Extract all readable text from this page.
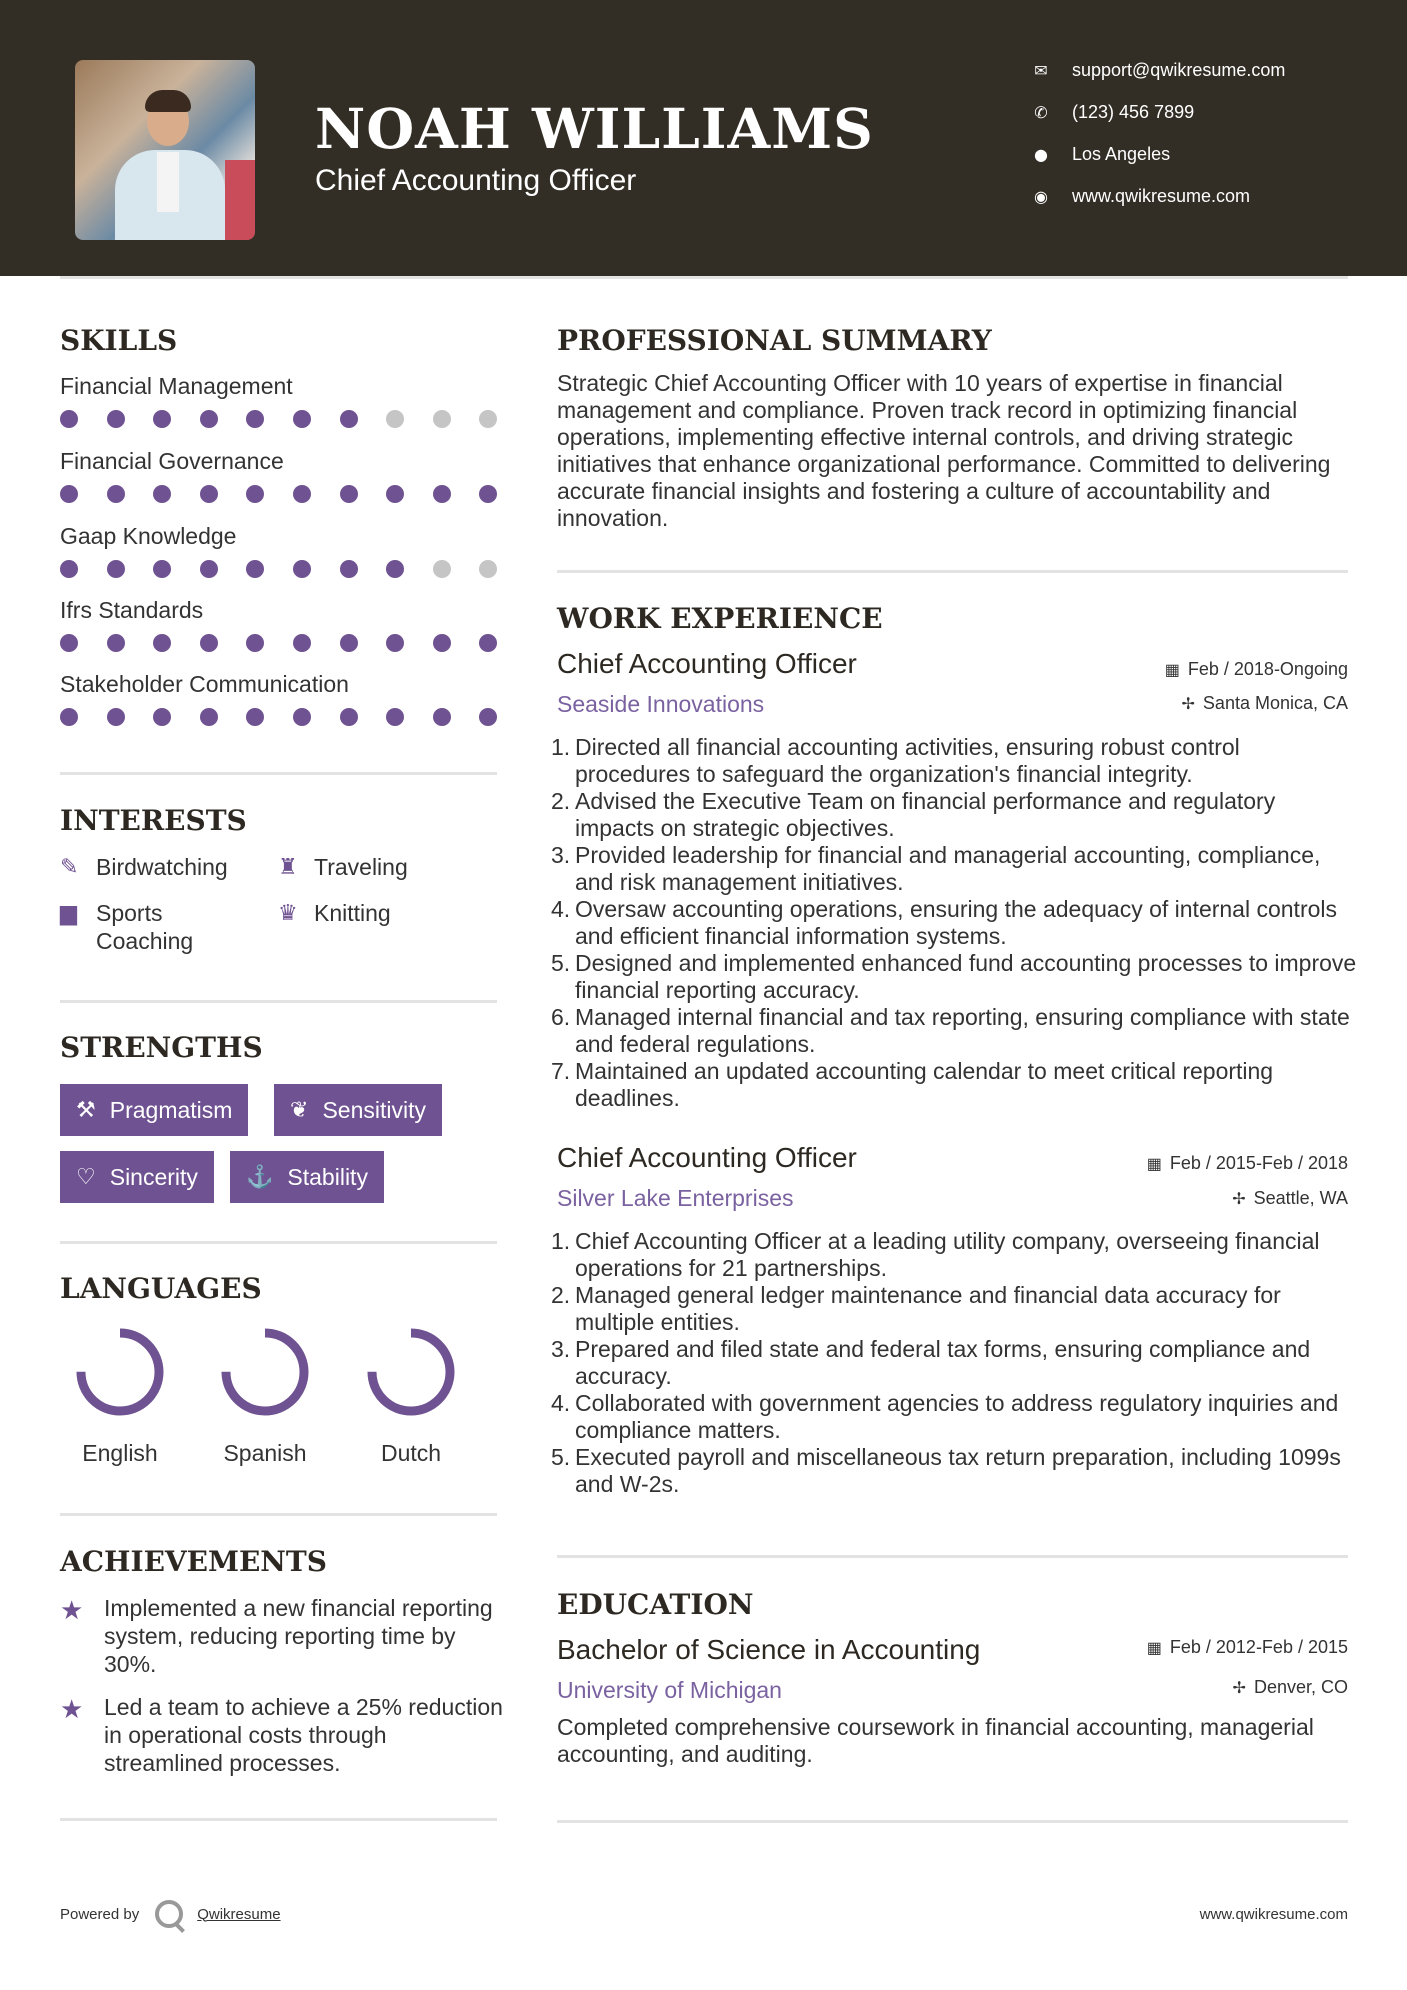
NOAH WILLIAMS
Chief Accounting Officer
✉ support@qwikresume.com
✆ (123) 456 7899
● Los Angeles
◉ www.qwikresume.com
SKILLS
Financial Management
Financial Governance
Gaap Knowledge
Ifrs Standards
Stakeholder Communication
INTERESTS
✎ Birdwatching ♜ Traveling
▆ Sports Coaching
♛ Knitting
STRENGTHS
⚒ Pragmatism	❦ Sensitivity
♡ Sincerity ⚓ Stability
LANGUAGES
English	Spanish	Dutch
ACHIEVEMENTS
★ Implemented a new financial reporting system, reducing reporting time by 30%.
★ Led a team to achieve a 25% reduction in operational costs through streamlined processes.
PROFESSIONAL SUMMARY
Strategic Chief Accounting Officer with 10 years of expertise in financial management and compliance. Proven track record in optimizing financial operations, implementing effective internal controls, and driving strategic initiatives that enhance organizational performance. Committed to delivering accurate financial insights and fostering a culture of accountability and innovation.
WORK EXPERIENCE
Chief Accounting Officer	▦ Feb / 2018-Ongoing
Seaside Innovations	✢ Santa Monica, CA
1. Directed all financial accounting activities, ensuring robust control procedures to safeguard the organization's financial integrity.
2. Advised the Executive Team on financial performance and regulatory impacts on strategic objectives.
3. Provided leadership for financial and managerial accounting, compliance, and risk management initiatives.
4. Oversaw accounting operations, ensuring the adequacy of internal controls and efficient financial information systems.
5. Designed and implemented enhanced fund accounting processes to improve financial reporting accuracy.
6. Managed internal financial and tax reporting, ensuring compliance with state and federal regulations.
7. Maintained an updated accounting calendar to meet critical reporting deadlines.
Chief Accounting Officer	▦ Feb / 2015-Feb / 2018
Silver Lake Enterprises	✢ Seattle, WA
1. Chief Accounting Officer at a leading utility company, overseeing financial operations for 21 partnerships.
2. Managed general ledger maintenance and financial data accuracy for multiple entities.
3. Prepared and filed state and federal tax forms, ensuring compliance and accuracy.
4. Collaborated with government agencies to address regulatory inquiries and compliance matters.
5. Executed payroll and miscellaneous tax return preparation, including 1099s and W-2s.
EDUCATION
Bachelor of Science in Accounting	▦ Feb / 2012-Feb / 2015
University of Michigan	✢ Denver, CO
Completed comprehensive coursework in financial accounting, managerial accounting, and auditing.
Powered by	Qwikresume	www.qwikresume.com
